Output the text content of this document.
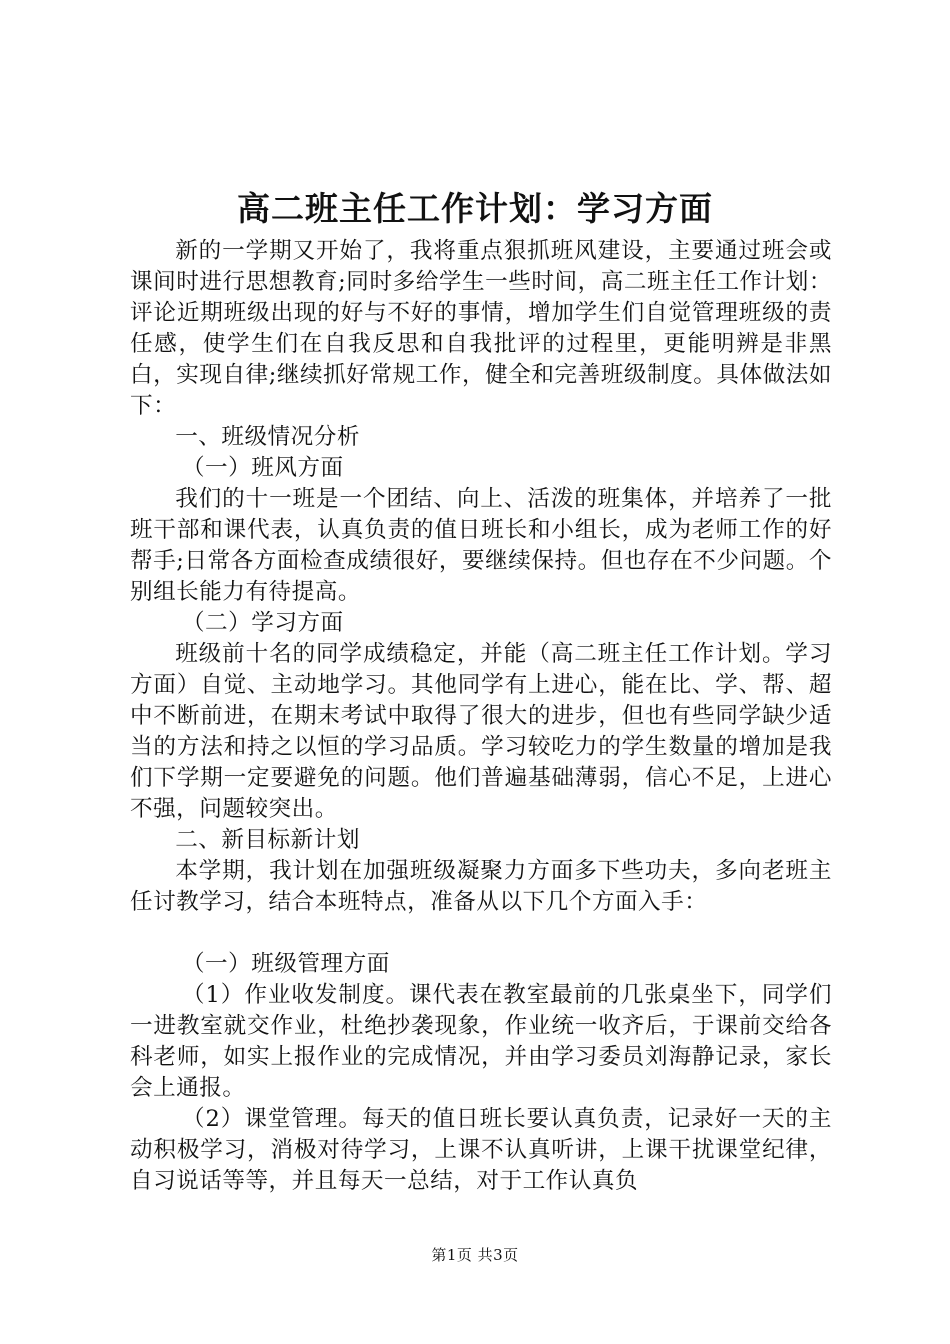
高二班主任工作计划：学习方面

新的一学期又开始了，我将重点狠抓班风建设，主要通过班会或课间时进行思想教育;同时多给学生一些时间，高二班主任工作计划：评论近期班级出现的好与不好的事情，增加学生们自觉管理班级的责任感，使学生们在自我反思和自我批评的过程里，更能明辨是非黑白，实现自律;继续抓好常规工作，健全和完善班级制度。具体做法如下：

一、班级情况分析

（一）班风方面

我们的十一班是一个团结、向上、活泼的班集体，并培养了一批班干部和课代表，认真负责的值日班长和小组长，成为老师工作的好帮手;日常各方面检查成绩很好，要继续保持。但也存在不少问题。个别组长能力有待提高。

（二）学习方面

班级前十名的同学成绩稳定，并能（高二班主任工作计划。学习方面）自觉、主动地学习。其他同学有上进心，能在比、学、帮、超中不断前进，在期末考试中取得了很大的进步，但也有些同学缺少适当的方法和持之以恒的学习品质。学习较吃力的学生数量的增加是我们下学期一定要避免的问题。他们普遍基础薄弱，信心不足，上进心不强，问题较突出。

二、新目标新计划

本学期，我计划在加强班级凝聚力方面多下些功夫，多向老班主任讨教学习，结合本班特点，准备从以下几个方面入手：

（一）班级管理方面

（1）作业收发制度。课代表在教室最前的几张桌坐下，同学们一进教室就交作业，杜绝抄袭现象，作业统一收齐后，于课前交给各科老师，如实上报作业的完成情况，并由学习委员刘海静记录，家长会上通报。

（2）课堂管理。每天的值日班长要认真负责，记录好一天的主动积极学习，消极对待学习，上课不认真听讲，上课干扰课堂纪律，自习说话等等，并且每天一总结，对于工作认真负

第1页 共3页
